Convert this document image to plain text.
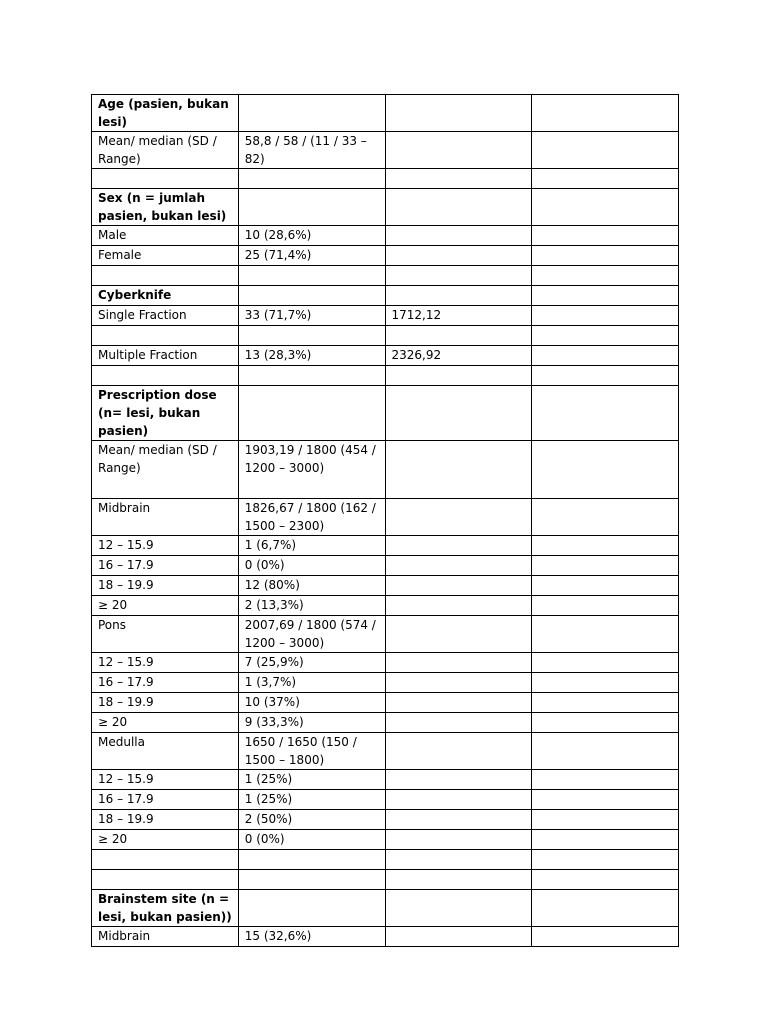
Age (pasien, bukan lesi)			
Mean/ median (SD / Range)	58,8 / 58 / (11 / 33 – 82)		

Sex (n = jumlah pasien, bukan lesi)			
Male	10 (28,6%)		
Female	25 (71,4%)		

Cyberknife			
Single Fraction	33 (71,7%)	1712,12	

Multiple Fraction	13 (28,3%)	2326,92	

Prescription dose (n= lesi, bukan pasien)			
Mean/ median (SD / Range)	1903,19 / 1800 (454 / 1200 – 3000)		
Midbrain	1826,67 / 1800 (162 / 1500 – 2300)		
12 – 15.9	1 (6,7%)		
16 – 17.9	0 (0%)		
18 – 19.9	12 (80%)		
≥ 20	2 (13,3%)		
Pons	2007,69 / 1800 (574 / 1200 – 3000)		
12 – 15.9	7 (25,9%)		
16 – 17.9	1 (3,7%)		
18 – 19.9	10 (37%)		
≥ 20	9 (33,3%)		
Medulla	1650 / 1650 (150 / 1500 – 1800)		
12 – 15.9	1 (25%)		
16 – 17.9	1 (25%)		
18 – 19.9	2 (50%)		
≥ 20	0 (0%)		

Brainstem site (n = lesi, bukan pasien))			
Midbrain	15 (32,6%)		
